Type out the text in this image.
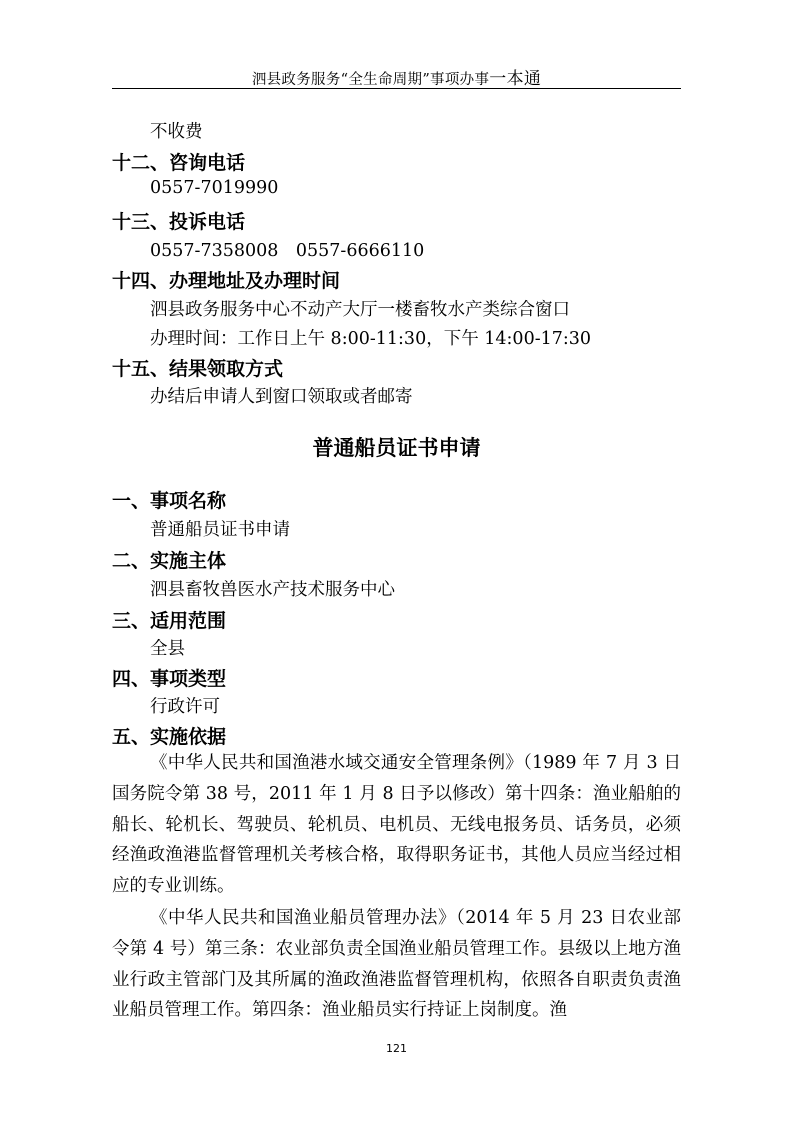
泗县政务服务“全生命周期”事项办事一本通
不收费
十二、咨询电话
0557-7019990
十三、投诉电话
0557-7358008　0557-6666110
十四、办理地址及办理时间
泗县政务服务中心不动产大厅一楼畜牧水产类综合窗口
办理时间：工作日上午 8:00-11:30，下午 14:00-17:30
十五、结果领取方式
办结后申请人到窗口领取或者邮寄
普通船员证书申请
一、事项名称
普通船员证书申请
二、实施主体
泗县畜牧兽医水产技术服务中心
三、适用范围
全县
四、事项类型
行政许可
五、实施依据
《中华人民共和国渔港水域交通安全管理条例》（1989 年 7 月 3 日国务院令第 38 号，2011 年 1 月 8 日予以修改）第十四条：渔业船舶的船长、轮机长、驾驶员、轮机员、电机员、无线电报务员、话务员，必须经渔政渔港监督管理机关考核合格，取得职务证书，其他人员应当经过相应的专业训练。
《中华人民共和国渔业船员管理办法》（2014 年 5 月 23 日农业部令第 4 号）第三条：农业部负责全国渔业船员管理工作。县级以上地方渔业行政主管部门及其所属的渔政渔港监督管理机构，依照各自职责负责渔业船员管理工作。第四条：渔业船员实行持证上岗制度。渔
121
